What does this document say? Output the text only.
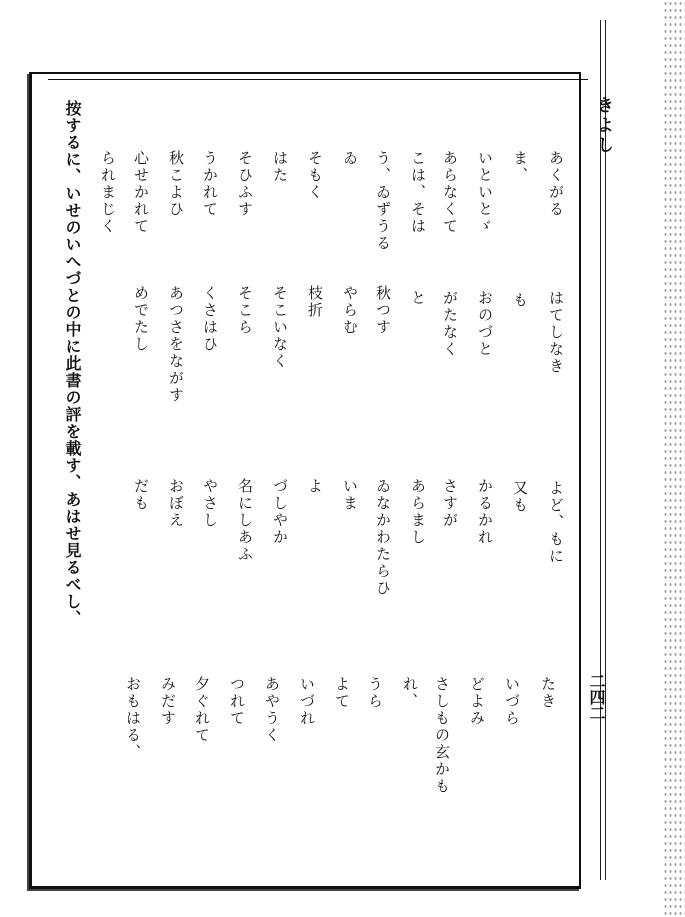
きよし
二四二
あくがる
はてしなき
よど、もに
たき
ま、
も
又も
いづら
いといとゞ
おのづと
かるかれ
どよみ
あらなくて
がたなく
さすが
さしもの玄かも
こは、そは
と
あらまし
れ、
う、ゐずうる
秋つす
ゐなかわたらひ
うら
ゐ
やらむ
いま
よて
そもく
枝折
よ
いづれ
はた
そこいなく
づしやか
あやうく
そひふす
そこら
名にしあふ
つれて
うかれて
くさはひ
やさし
夕ぐれて
秋こよひ
あつさをながす
おぼえ
みだす
心せかれて
めでたし
だも
おもはる、
られまじく
按するに、いせのいへづとの中に此書の評を載す、あはせ見るべし、
